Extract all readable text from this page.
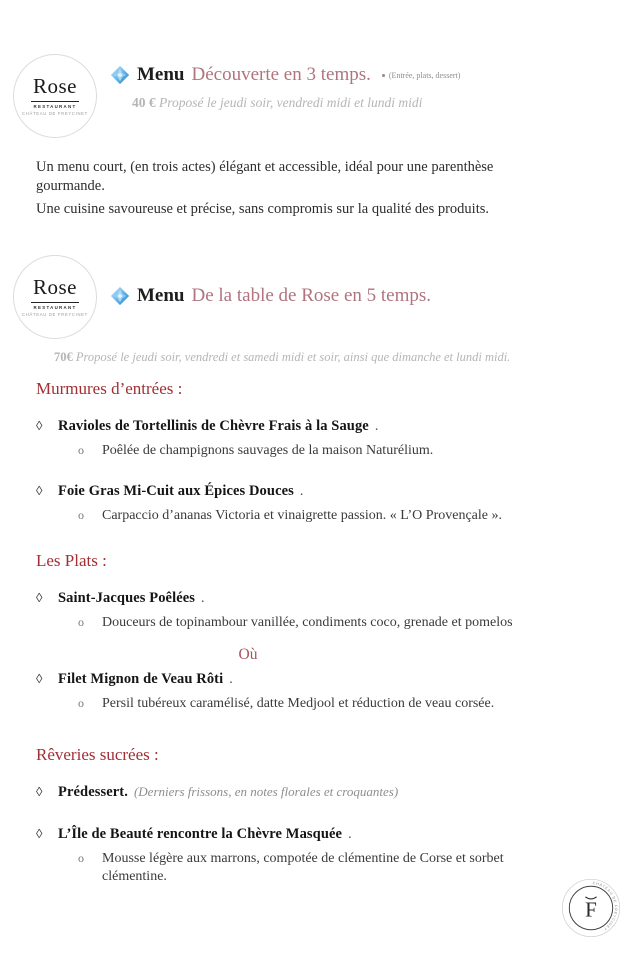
Rose
RESTAURANT
CHÂTEAU DE FREYCINET
Menu Découverte en 3 temps. (Entrée, plats, dessert)
40 € Proposé le jeudi soir, vendredi midi et lundi midi

Un menu court, (en trois actes) élégant et accessible, idéal pour une parenthèse

gourmande.

Une cuisine savoureuse et précise, sans compromis sur la qualité des produits.

Rose
RESTAURANT
CHÂTEAU DE FREYCINET
Menu De la table de Rose en 5 temps.
70€ Proposé le jeudi soir, vendredi et samedi midi et soir, ainsi que dimanche et lundi midi.

Murmures d’entrées :

◊	Ravioles de Tortellinis de Chèvre Frais à la Sauge .

o	Poêlée de champignons sauvages de la maison Naturélium.

◊	Foie Gras Mi-Cuit aux Épices Douces .

o	Carpaccio d’ananas Victoria et vinaigrette passion. « L’O Provençale ».

Les Plats :

◊	Saint-Jacques Poêlées .

o	Douceurs de topinambour vanillée, condiments coco, grenade et pomelos

Où

◊	Filet Mignon de Veau Rôti .

o	Persil tubéreux caramélisé, datte Medjool et réduction de veau corsée.

Rêveries sucrées :

◊	Prédessert. (Derniers frissons, en notes florales et croquantes)

◊	L’Île de Beauté rencontre la Chèvre Masquée .

o	Mousse légère aux marrons, compotée de clémentine de Corse et sorbet clémentine.	CHÂTEAU DE FREYCINET
F
